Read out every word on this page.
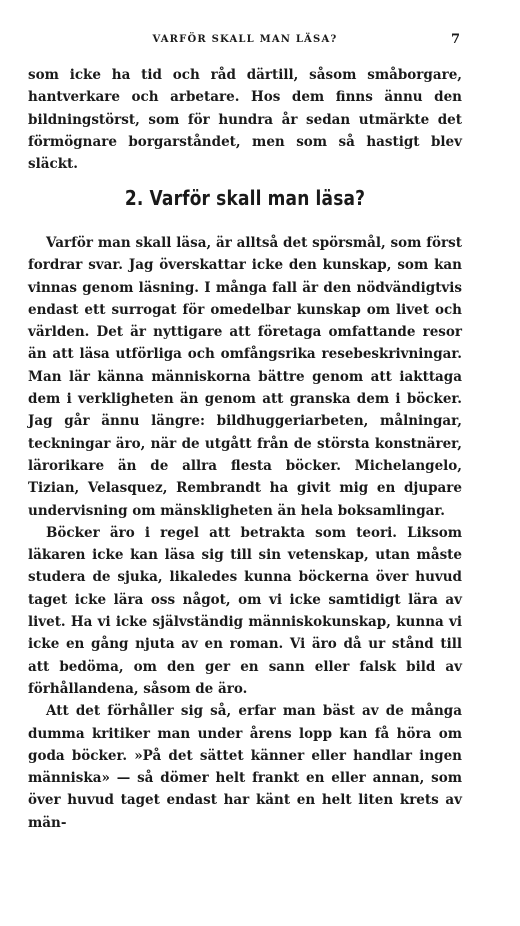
VARFÖR SKALL MAN LÄSA?	7

som icke ha tid och råd därtill, såsom småborgare, hantverkare och arbetare. Hos dem finns ännu den bildningstörst, som för hundra år sedan utmärkte det förmögnare borgarståndet, men som så hastigt blev släckt.

2. Varför skall man läsa?

Varför man skall läsa, är alltså det spörsmål, som först fordrar svar. Jag överskattar icke den kunskap, som kan vinnas genom läsning. I många fall är den nödvändigtvis endast ett surrogat för omedelbar kunskap om livet och världen. Det är nyttigare att företaga omfattande resor än att läsa utförliga och omfångsrika resebeskrivningar. Man lär känna människorna bättre genom att iakttaga dem i verkligheten än genom att granska dem i böcker. Jag går ännu längre: bildhuggeriarbeten, målningar, teckningar äro, när de utgått från de största konstnärer, lärorikare än de allra flesta böcker. Michelangelo, Tizian, Velasquez, Rembrandt ha givit mig en djupare undervisning om mänskligheten än hela boksamlingar.

Böcker äro i regel att betrakta som teori. Liksom läkaren icke kan läsa sig till sin vetenskap, utan måste studera de sjuka, likaledes kunna böckerna över huvud taget icke lära oss något, om vi icke samtidigt lära av livet. Ha vi icke självständig människokunskap, kunna vi icke en gång njuta av en roman. Vi äro då ur stånd till att bedöma, om den ger en sann eller falsk bild av förhållandena, såsom de äro.

Att det förhåller sig så, erfar man bäst av de många dumma kritiker man under årens lopp kan få höra om goda böcker. »På det sättet känner eller handlar ingen människa» — så dömer helt frankt en eller annan, som över huvud taget endast har känt en helt liten krets av män-
